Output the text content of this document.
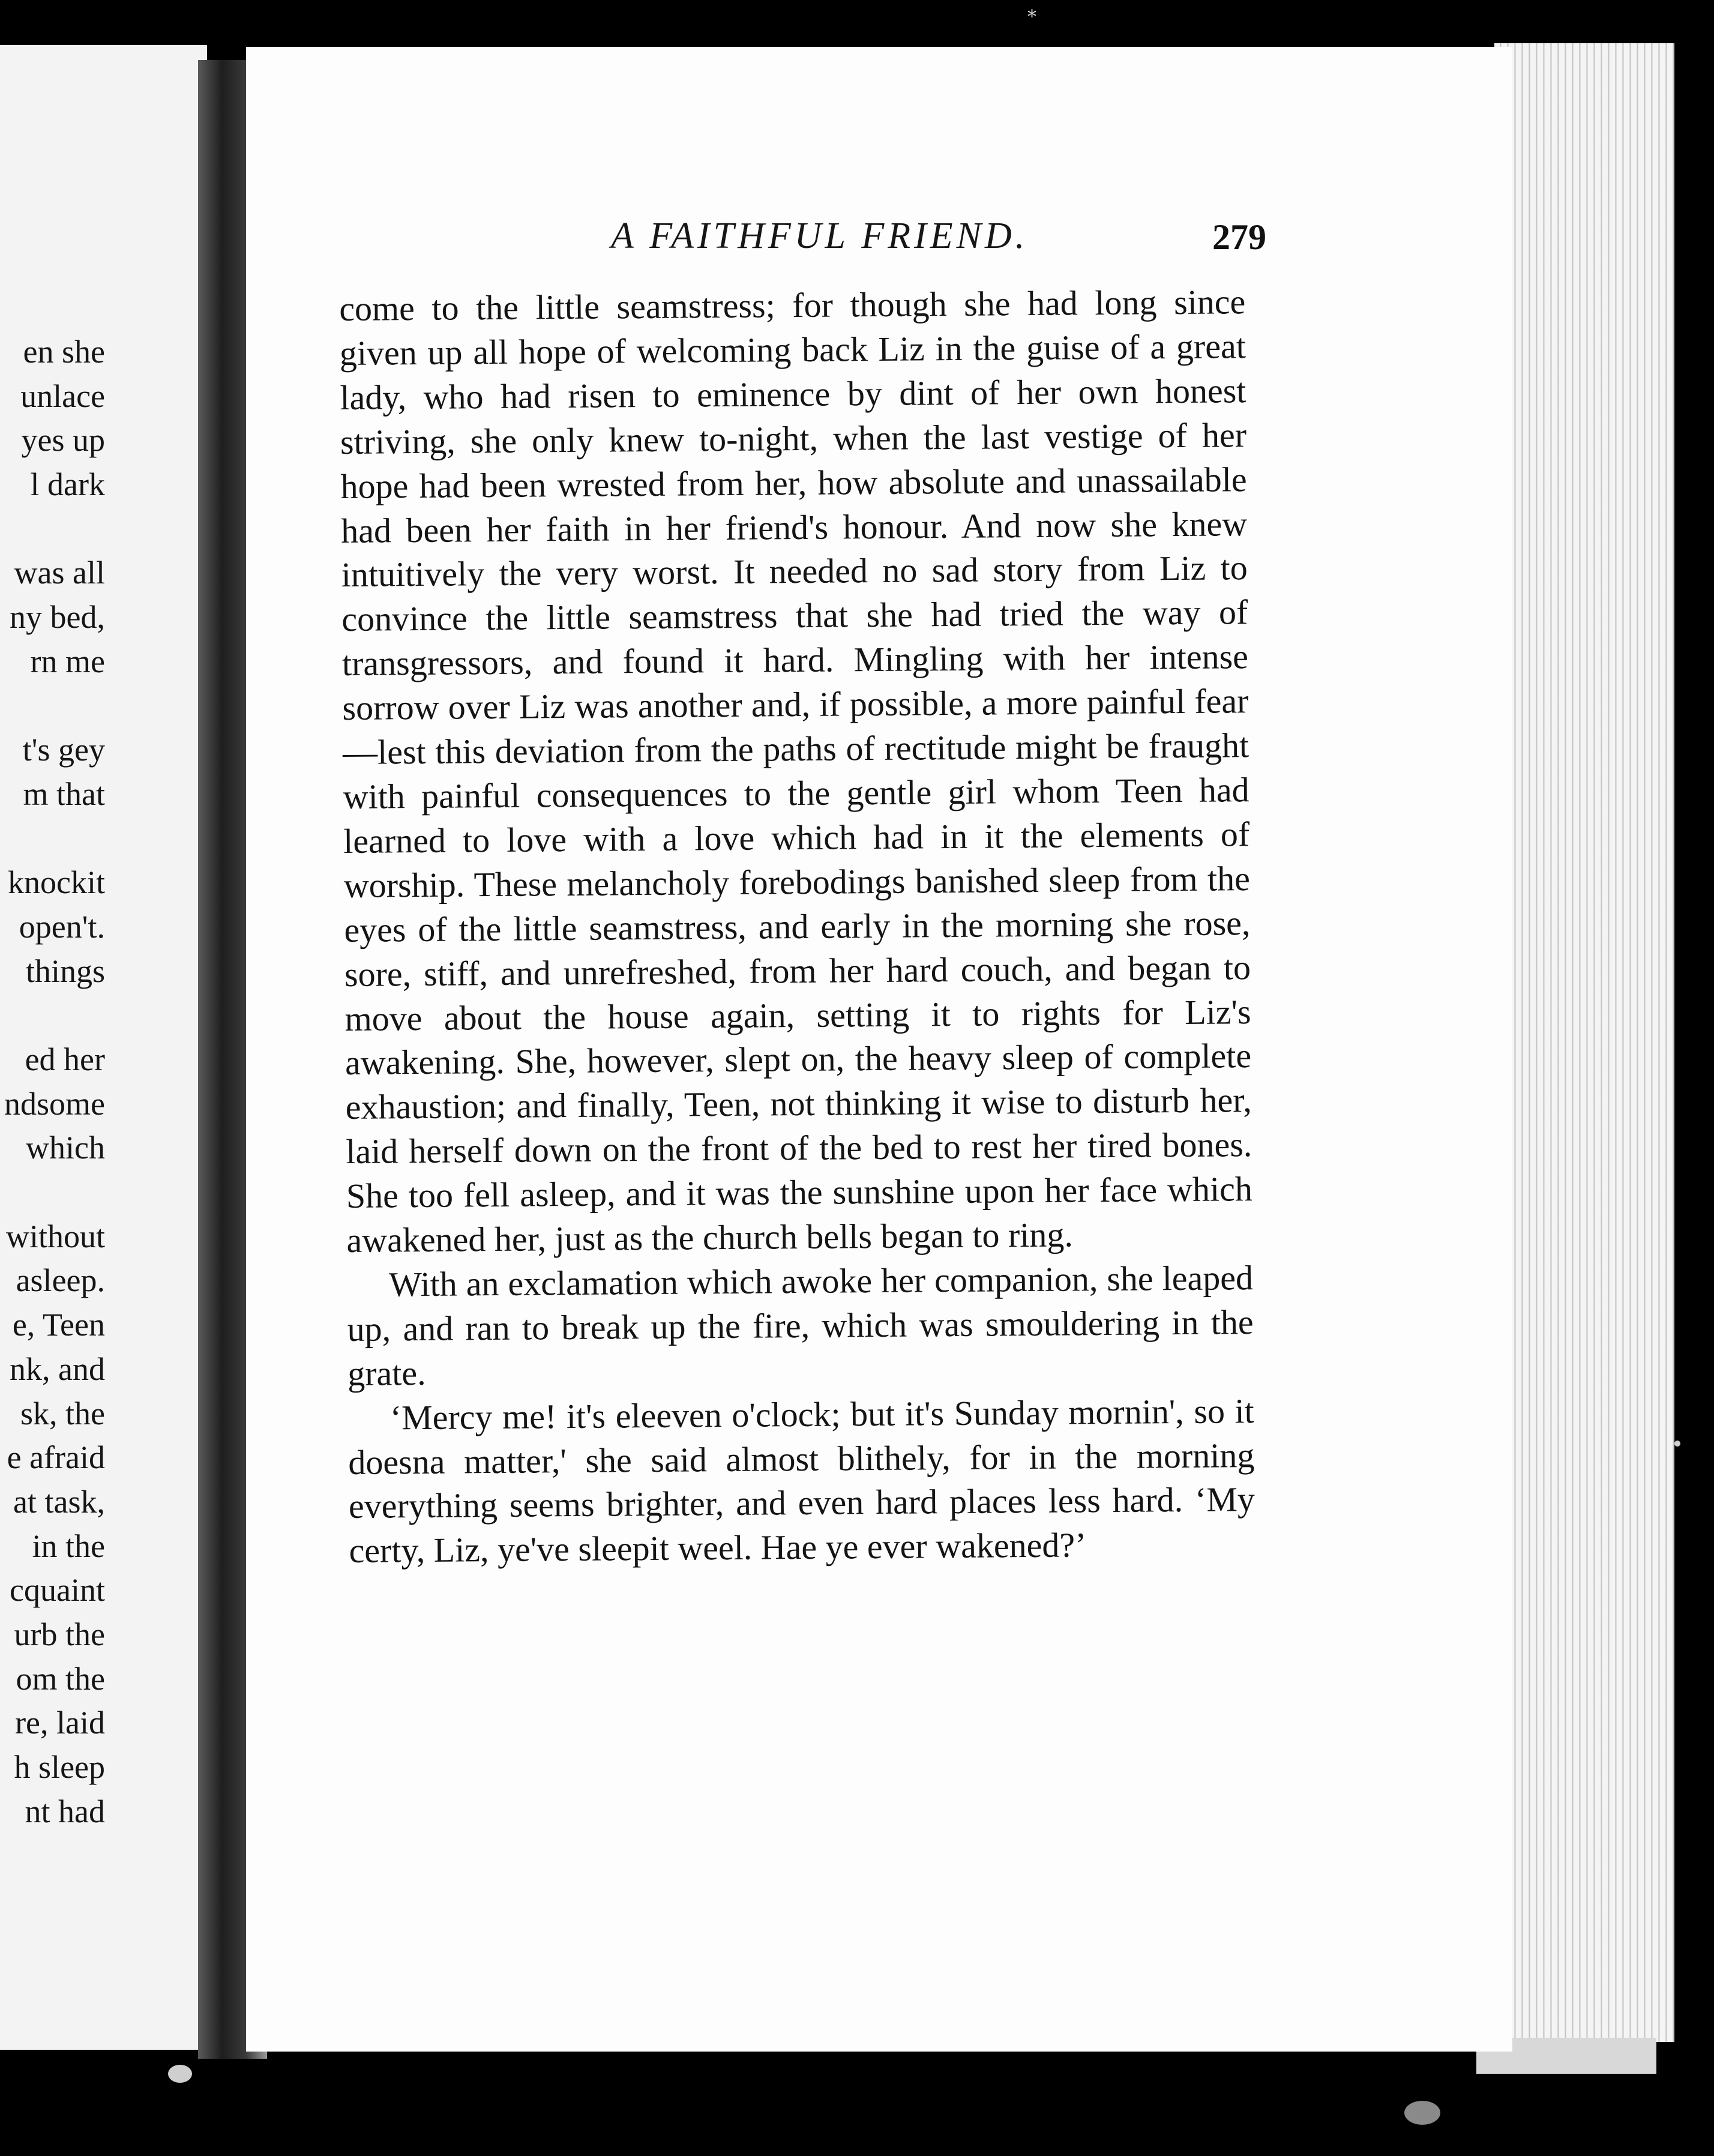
en she
unlace
yes up
l dark
was all
ny bed,
rn me
t's gey
m that
knockit
open't.
things
ed her
ndsome
which
without
asleep.
e, Teen
nk, and
sk, the
e afraid
at task,
in the
cquaint
urb the
om the
re, laid
h sleep
nt had
A FAITHFUL FRIEND.	279

come to the little seamstress; for though she had long since given up all hope of welcoming back Liz in the guise of a great lady, who had risen to eminence by dint of her own honest striving, she only knew to-night, when the last vestige of her hope had been wrested from her, how absolute and unassailable had been her faith in her friend's honour. And now she knew intuitively the very worst. It needed no sad story from Liz to convince the little seamstress that she had tried the way of transgressors, and found it hard. Mingling with her intense sorrow over Liz was another and, if possible, a more painful fear—lest this deviation from the paths of rectitude might be fraught with painful consequences to the gentle girl whom Teen had learned to love with a love which had in it the elements of worship. These melancholy forebodings banished sleep from the eyes of the little seamstress, and early in the morning she rose, sore, stiff, and unrefreshed, from her hard couch, and began to move about the house again, setting it to rights for Liz's awakening. She, however, slept on, the heavy sleep of complete exhaustion; and finally, Teen, not thinking it wise to disturb her, laid herself down on the front of the bed to rest her tired bones. She too fell asleep, and it was the sunshine upon her face which awakened her, just as the church bells began to ring.

With an exclamation which awoke her companion, she leaped up, and ran to break up the fire, which was smouldering in the grate.

‘Mercy me! it's eleeven o'clock; but it's Sunday mornin', so it doesna matter,' she said almost blithely, for in the morning everything seems brighter, and even hard places less hard. ‘My certy, Liz, ye've sleepit weel. Hae ye ever wakened?’

⁎
